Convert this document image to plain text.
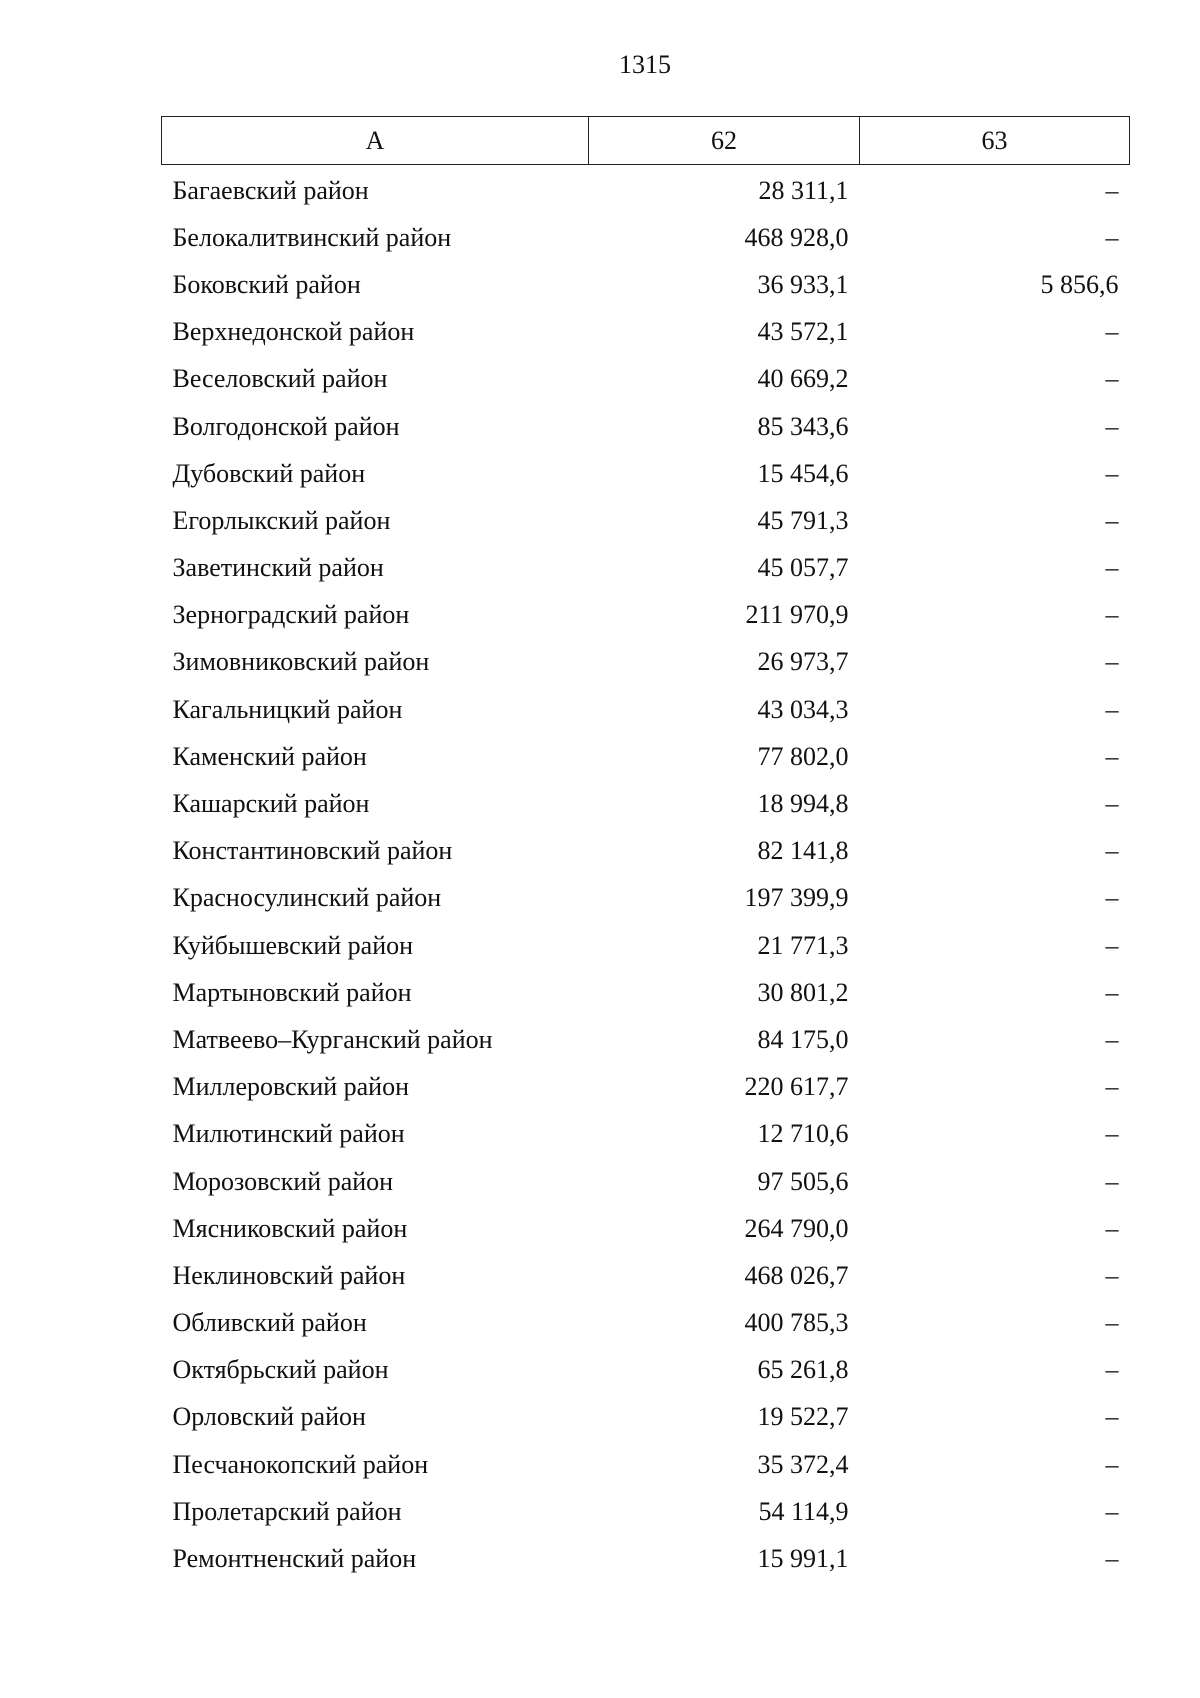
1315
А	62	63
Багаевский район	28 311,1	–
Белокалитвинский район	468 928,0	–
Боковский район	36 933,1	5 856,6
Верхнедонской район	43 572,1	–
Веселовский район	40 669,2	–
Волгодонской район	85 343,6	–
Дубовский район	15 454,6	–
Егорлыкский район	45 791,3	–
Заветинский район	45 057,7	–
Зерноградский район	211 970,9	–
Зимовниковский район	26 973,7	–
Кагальницкий район	43 034,3	–
Каменский район	77 802,0	–
Кашарский район	18 994,8	–
Константиновский район	82 141,8	–
Красносулинский район	197 399,9	–
Куйбышевский район	21 771,3	–
Мартыновский район	30 801,2	–
Матвеево–Курганский район	84 175,0	–
Миллеровский район	220 617,7	–
Милютинский район	12 710,6	–
Морозовский район	97 505,6	–
Мясниковский район	264 790,0	–
Неклиновский район	468 026,7	–
Обливский район	400 785,3	–
Октябрьский район	65 261,8	–
Орловский район	19 522,7	–
Песчанокопский район	35 372,4	–
Пролетарский район	54 114,9	–
Ремонтненский район	15 991,1	–
